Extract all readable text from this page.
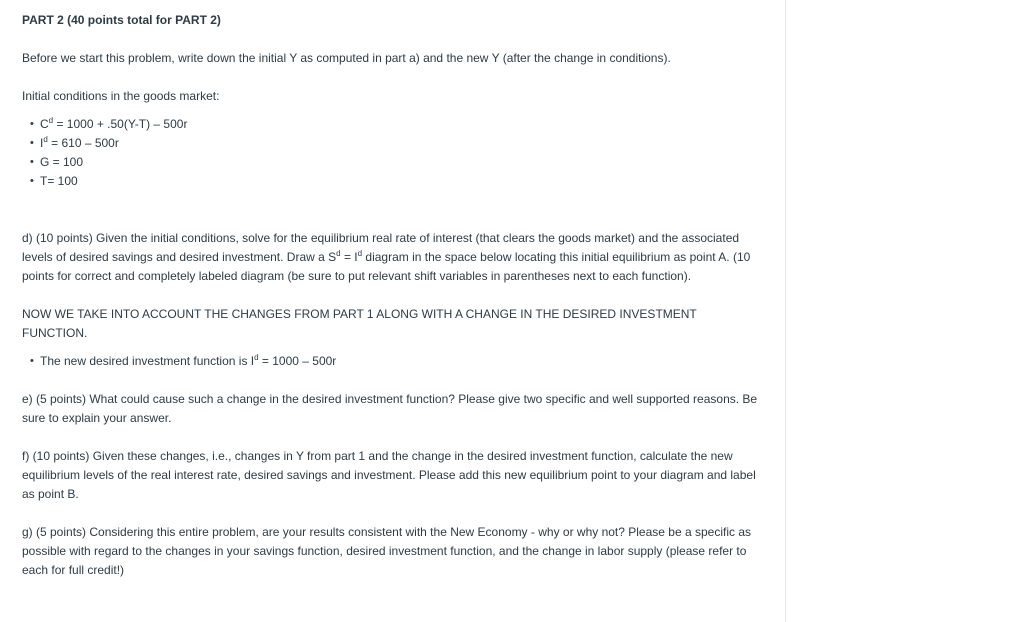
PART 2 (40 points total for PART 2)

Before we start this problem, write down the initial Y as computed in part a) and the new Y (after the change in conditions).

Initial conditions in the goods market:
• $C^d = 1000 + .50(Y-T) - 500r$
• $I^d = 610 - 500r$
• G = 100
• T= 100

d) (10 points) Given the initial conditions, solve for the equilibrium real rate of interest (that clears the goods market) and the associated levels of desired savings and desired investment. Draw a $S^d = I^d$ diagram in the space below locating this initial equilibrium as point A. (10 points for correct and completely labeled diagram (be sure to put relevant shift variables in parentheses next to each function).

NOW WE TAKE INTO ACCOUNT THE CHANGES FROM PART 1 ALONG WITH A CHANGE IN THE DESIRED INVESTMENT FUNCTION.
• The new desired investment function is $I^d = 1000 - 500r$

e) (5 points) What could cause such a change in the desired investment function? Please give two specific and well supported reasons. Be sure to explain your answer.

f) (10 points) Given these changes, i.e., changes in Y from part 1 and the change in the desired investment function, calculate the new equilibrium levels of the real interest rate, desired savings and investment. Please add this new equilibrium point to your diagram and label as point B.

g) (5 points) Considering this entire problem, are your results consistent with the New Economy - why or why not? Please be a specific as possible with regard to the changes in your savings function, desired investment function, and the change in labor supply (please refer to each for full credit!)
